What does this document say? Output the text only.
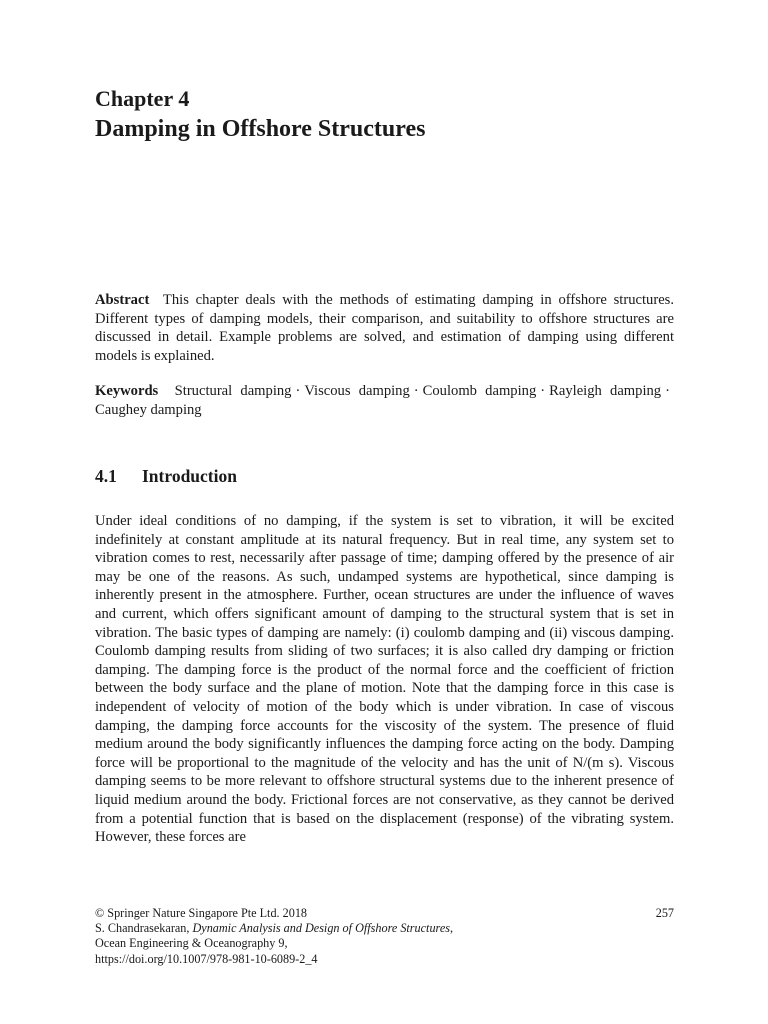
Chapter 4
Damping in Offshore Structures

Abstract This chapter deals with the methods of estimating damping in offshore structures. Different types of damping models, their comparison, and suitability to offshore structures are discussed in detail. Example problems are solved, and estimation of damping using different models is explained.

Keywords Structural damping · Viscous damping · Coulomb damping · Rayleigh damping ·Caughey damping

4.1 Introduction

Under ideal conditions of no damping, if the system is set to vibration, it will be excited indefinitely at constant amplitude at its natural frequency. But in real time, any system set to vibration comes to rest, necessarily after passage of time; damping offered by the presence of air may be one of the reasons. As such, undamped systems are hypothetical, since damping is inherently present in the atmosphere. Further, ocean structures are under the influence of waves and current, which offers significant amount of damping to the structural system that is set in vibration. The basic types of damping are namely: (i) coulomb damping and (ii) viscous damping. Coulomb damping results from sliding of two surfaces; it is also called dry damping or friction damping. The damping force is the product of the normal force and the coefficient of friction between the body surface and the plane of motion. Note that the damping force in this case is independent of velocity of motion of the body which is under vibration. In case of viscous damping, the damping force accounts for the viscosity of the system. The presence of fluid medium around the body significantly influences the damping force acting on the body. Damping force will be proportional to the magnitude of the velocity and has the unit of N/(m s). Viscous damping seems to be more relevant to offshore structural systems due to the inherent presence of liquid medium around the body. Frictional forces are not conservative, as they cannot be derived from a potential function that is based on the displacement (response) of the vibrating system. However, these forces are

© Springer Nature Singapore Pte Ltd. 2018
S. Chandrasekaran, Dynamic Analysis and Design of Offshore Structures,
Ocean Engineering & Oceanography 9,
https://doi.org/10.1007/978-981-10-6089-2_4
257
